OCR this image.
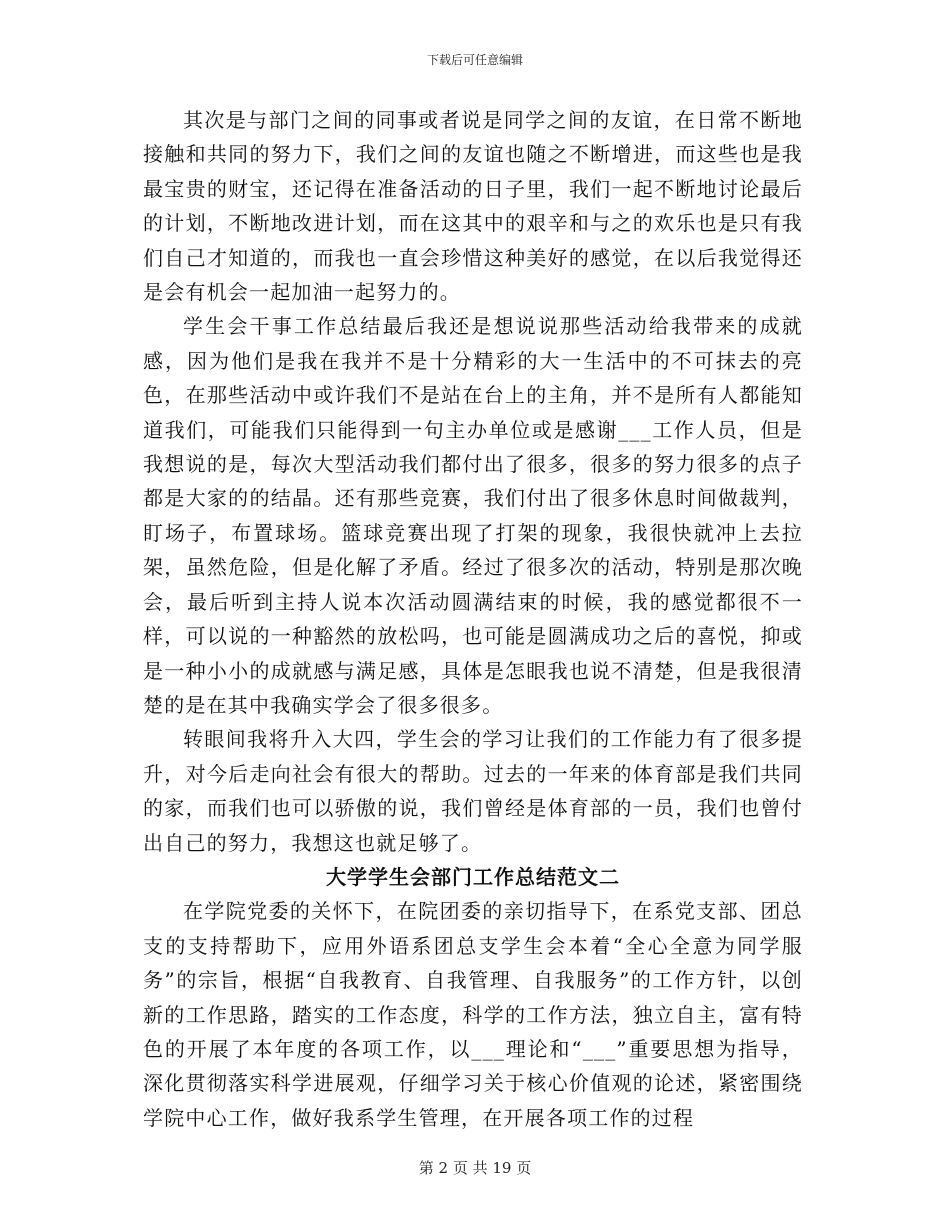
下载后可任意编辑

其次是与部门之间的同事或者说是同学之间的友谊，在日常不断地接触和共同的努力下，我们之间的友谊也随之不断增进，而这些也是我最宝贵的财宝，还记得在准备活动的日子里，我们一起不断地讨论最后的计划，不断地改进计划，而在这其中的艰辛和与之的欢乐也是只有我们自己才知道的，而我也一直会珍惜这种美好的感觉，在以后我觉得还是会有机会一起加油一起努力的。

学生会干事工作总结最后我还是想说说那些活动给我带来的成就感，因为他们是我在我并不是十分精彩的大一生活中的不可抹去的亮色，在那些活动中或许我们不是站在台上的主角，并不是所有人都能知道我们，可能我们只能得到一句主办单位或是感谢___工作人员，但是我想说的是，每次大型活动我们都付出了很多，很多的努力很多的点子都是大家的的结晶。还有那些竞赛，我们付出了很多休息时间做裁判，盯场子，布置球场。篮球竞赛出现了打架的现象，我很快就冲上去拉架，虽然危险，但是化解了矛盾。经过了很多次的活动，特别是那次晚会，最后听到主持人说本次活动圆满结束的时候，我的感觉都很不一样，可以说的一种豁然的放松吗，也可能是圆满成功之后的喜悦，抑或是一种小小的成就感与满足感，具体是怎眼我也说不清楚，但是我很清楚的是在其中我确实学会了很多很多。

转眼间我将升入大四，学生会的学习让我们的工作能力有了很多提升，对今后走向社会有很大的帮助。过去的一年来的体育部是我们共同的家，而我们也可以骄傲的说，我们曾经是体育部的一员，我们也曾付出自己的努力，我想这也就足够了。

大学学生会部门工作总结范文二

在学院党委的关怀下，在院团委的亲切指导下，在系党支部、团总支的支持帮助下，应用外语系团总支学生会本着“全心全意为同学服务”的宗旨，根据“自我教育、自我管理、自我服务”的工作方针，以创新的工作思路，踏实的工作态度，科学的工作方法，独立自主，富有特色的开展了本年度的各项工作，以___理论和“___”重要思想为指导，深化贯彻落实科学进展观，仔细学习关于核心价值观的论述，紧密围绕学院中心工作，做好我系学生管理，在开展各项工作的过程

第 2 页 共 19 页
